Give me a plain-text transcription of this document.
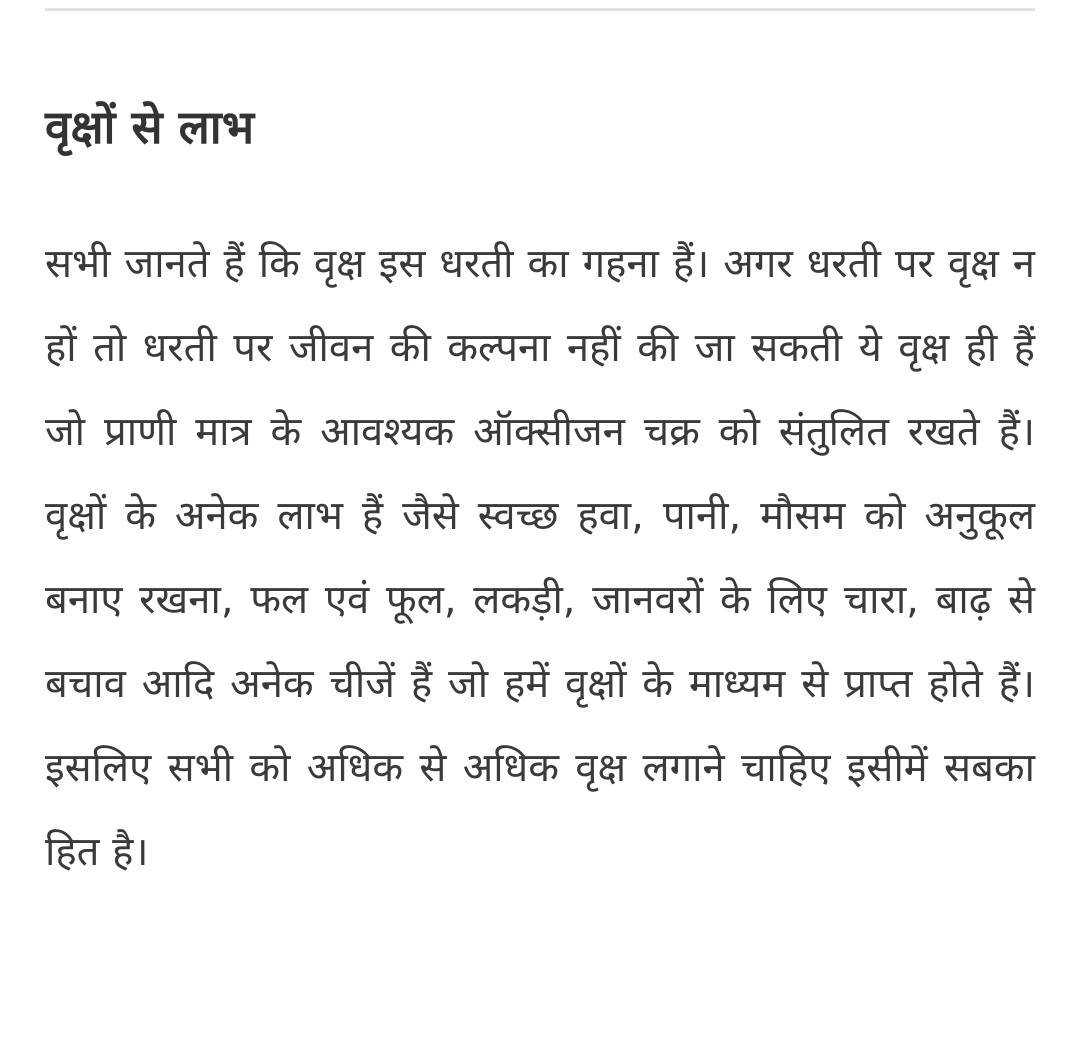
वृक्षों से लाभ

सभी जानते हैं कि वृक्ष इस धरती का गहना हैं। अगर धरती पर वृक्ष न हों तो धरती पर जीवन की कल्पना नहीं की जा सकती ये वृक्ष ही हैं जो प्राणी मात्र के आवश्यक ऑक्सीजन चक्र को संतुलित रखते हैं। वृक्षों के अनेक लाभ हैं जैसे स्वच्छ हवा, पानी, मौसम को अनुकूल बनाए रखना, फल एवं फूल, लकड़ी, जानवरों के लिए चारा, बाढ़ से बचाव आदि अनेक चीजें हैं जो हमें वृक्षों के माध्यम से प्राप्त होते हैं। इसलिए सभी को अधिक से अधिक वृक्ष लगाने चाहिए इसीमें सबका हित है।
